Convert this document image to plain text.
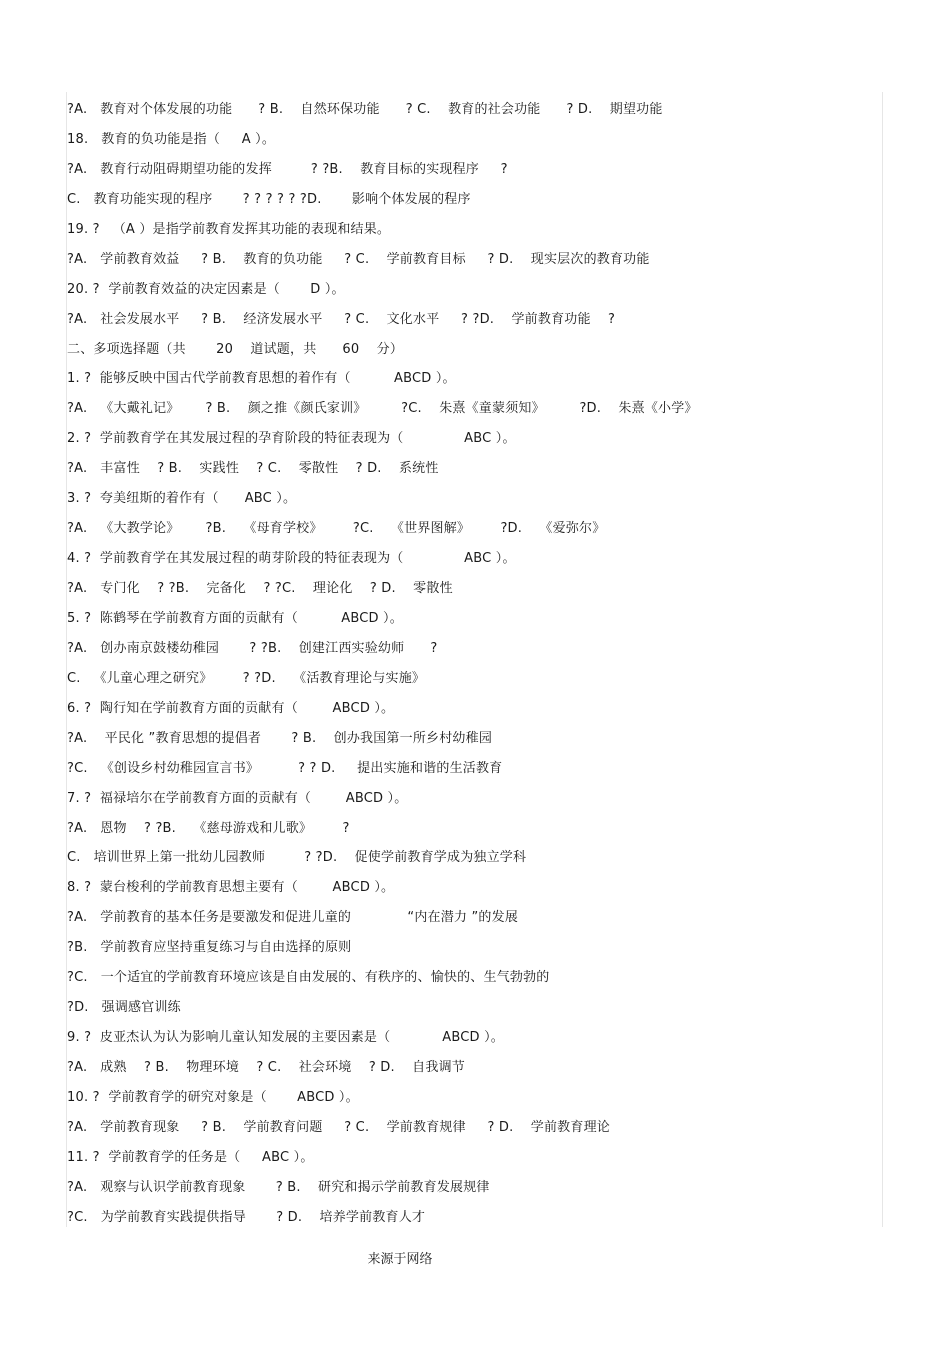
?A.   教育对个体发展的功能      ? B.    自然环保功能      ? C.    教育的社会功能      ? D.    期望功能
18.   教育的负功能是指（     A ）。
?A.   教育行动阻碍期望功能的发挥         ? ?B.    教育目标的实现程序     ?
C.   教育功能实现的程序       ? ? ? ? ? ?D.       影响个体发展的程序
19. ?   （A ）是指学前教育发挥其功能的表现和结果。
?A.   学前教育效益     ? B.    教育的负功能     ? C.    学前教育目标     ? D.    现实层次的教育功能
20. ?  学前教育效益的决定因素是（       D ）。
?A.   社会发展水平     ? B.    经济发展水平     ? C.    文化水平     ? ?D.    学前教育功能    ?
二、多项选择题（共       20    道试题，共      60    分）
1. ?  能够反映中国古代学前教育思想的着作有（          ABCD ）。
?A.   《大戴礼记》      ? B.    颜之推《颜氏家训》        ?C.    朱熹《童蒙须知》        ?D.    朱熹《小学》
2. ?  学前教育学在其发展过程的孕育阶段的特征表现为（              ABC ）。
?A.   丰富性    ? B.    实践性    ? C.    零散性    ? D.    系统性
3. ?  夸美纽斯的着作有（      ABC ）。
?A.   《大教学论》      ?B.    《母育学校》       ?C.    《世界图解》       ?D.    《爱弥尔》
4. ?  学前教育学在其发展过程的萌芽阶段的特征表现为（              ABC ）。
?A.   专门化    ? ?B.    完备化    ? ?C.    理论化    ? D.    零散性
5. ?  陈鹤琴在学前教育方面的贡献有（          ABCD ）。
?A.   创办南京鼓楼幼稚园       ? ?B.    创建江西实验幼师      ?
C.   《儿童心理之研究》       ? ?D.    《活教育理论与实施》
6. ?  陶行知在学前教育方面的贡献有（        ABCD ）。
?A.    平民化 ”教育思想的提倡者       ? B.    创办我国第一所乡村幼稚园
?C.   《创设乡村幼稚园宣言书》         ? ? D.     提出实施和谐的生活教育
7. ?  福禄培尔在学前教育方面的贡献有（        ABCD ）。
?A.   恩物    ? ?B.    《慈母游戏和儿歌》       ?
C.   培训世界上第一批幼儿园教师         ? ?D.    促使学前教育学成为独立学科
8. ?  蒙台梭利的学前教育思想主要有（        ABCD ）。
?A.   学前教育的基本任务是要激发和促进儿童的             “内在潜力 ”的发展
?B.   学前教育应坚持重复练习与自由选择的原则
?C.   一个适宜的学前教育环境应该是自由发展的、有秩序的、愉快的、生气勃勃的
?D.   强调感官训练
9. ?  皮亚杰认为认为影响儿童认知发展的主要因素是（            ABCD ）。
?A.   成熟    ? B.    物理环境    ? C.    社会环境    ? D.    自我调节
10. ?  学前教育学的研究对象是（       ABCD ）。
?A.   学前教育现象     ? B.    学前教育问题     ? C.    学前教育规律     ? D.    学前教育理论
11. ?  学前教育学的任务是（     ABC ）。
?A.   观察与认识学前教育现象       ? B.    研究和揭示学前教育发展规律
?C.   为学前教育实践提供指导       ? D.    培养学前教育人才
来源于网络
